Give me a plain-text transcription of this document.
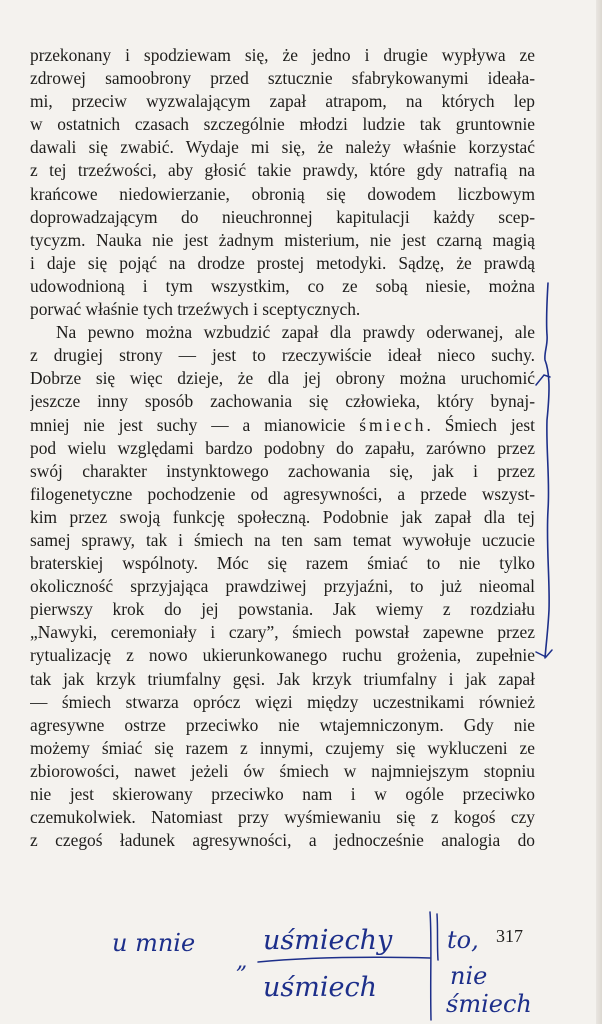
przekonany i spodziewam się, że jedno i drugie wypływa ze
zdrowej samoobrony przed sztucznie sfabrykowanymi ideała-
mi, przeciw wyzwalającym zapał atrapom, na których lep
w ostatnich czasach szczególnie młodzi ludzie tak gruntownie
dawali się zwabić. Wydaje mi się, że należy właśnie korzystać
z tej trzeźwości, aby głosić takie prawdy, które gdy natrafią na
krańcowe niedowierzanie, obronią się dowodem liczbowym
doprowadzającym do nieuchronnej kapitulacji każdy scep-
tycyzm. Nauka nie jest żadnym misterium, nie jest czarną magią
i daje się pojąć na drodze prostej metodyki. Sądzę, że prawdą
udowodnioną i tym wszystkim, co ze sobą niesie, można
porwać właśnie tych trzeźwych i sceptycznych.
Na pewno można wzbudzić zapał dla prawdy oderwanej, ale
z drugiej strony — jest to rzeczywiście ideał nieco suchy.
Dobrze się więc dzieje, że dla jej obrony można uruchomić
jeszcze inny sposób zachowania się człowieka, który bynaj-
mniej nie jest suchy — a mianowicie śmiech. Śmiech jest
pod wielu względami bardzo podobny do zapału, zarówno przez
swój charakter instynktowego zachowania się, jak i przez
filogenetyczne pochodzenie od agresywności, a przede wszyst-
kim przez swoją funkcję społeczną. Podobnie jak zapał dla tej
samej sprawy, tak i śmiech na ten sam temat wywołuje uczucie
braterskiej wspólnoty. Móc się razem śmiać to nie tylko
okoliczność sprzyjająca prawdziwej przyjaźni, to już nieomal
pierwszy krok do jej powstania. Jak wiemy z rozdziału
„Nawyki, ceremoniały i czary”, śmiech powstał zapewne przez
rytualizację z nowo ukierunkowanego ruchu grożenia, zupełnie
tak jak krzyk triumfalny gęsi. Jak krzyk triumfalny i jak zapał
— śmiech stwarza oprócz więzi między uczestnikami również
agresywne ostrze przeciwko nie wtajemniczonym. Gdy nie
możemy śmiać się razem z innymi, czujemy się wykluczeni ze
zbiorowości, nawet jeżeli ów śmiech w najmniejszym stopniu
nie jest skierowany przeciwko nam i w ogóle przeciwko
czemukolwiek. Natomiast przy wyśmiewaniu się z kogoś czy
z czegoś ładunek agresywności, a jednocześnie analogia do
317
u mnie
„
uśmiechy
uśmiech
to,
nie
śmiech
